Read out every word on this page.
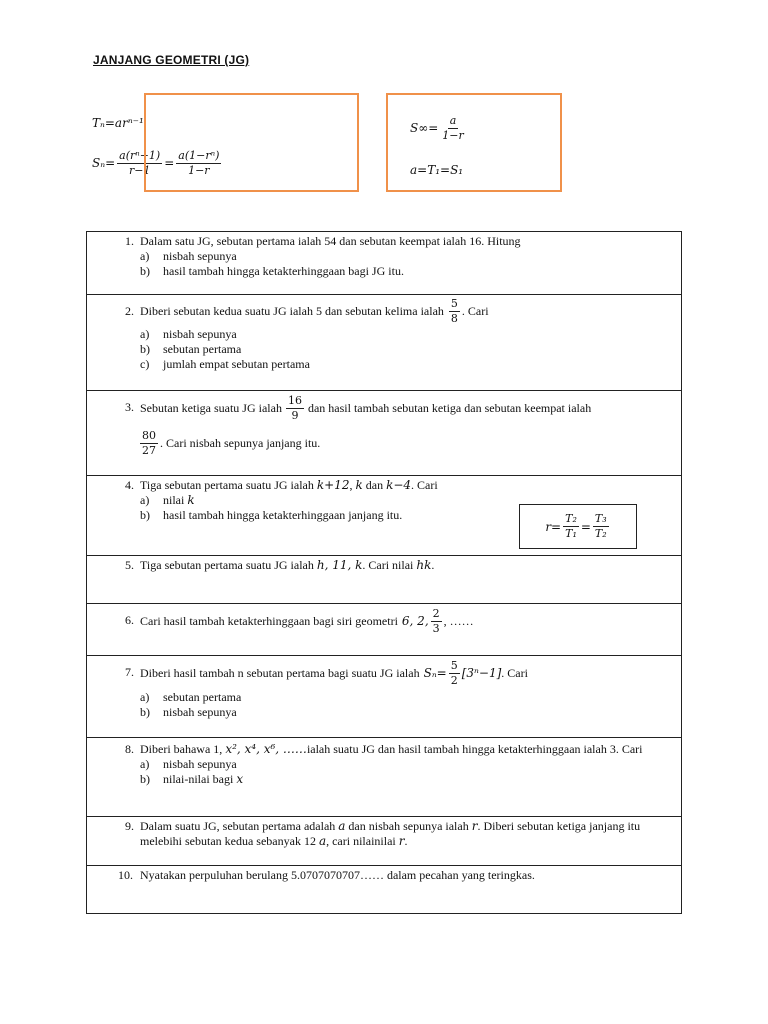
JANJANG GEOMETRI (JG)
Tₙ=arⁿ⁻¹
$S_n= \frac{\text{a(rⁿ−1)}}{r-1} = \frac{\text{a(1−rⁿ)}}{1-r}$
$S\infty= \frac{a}{1-r}$
a=T₁=S₁
1. Dalam satu JG, sebutan pertama ialah 54 dan sebutan keempat ialah 16. Hitung
a) nisbah sepunya
b) hasil tambah hingga ketakterhinggaan bagi JG itu.

2. Diberi sebutan kedua suatu JG ialah 5 dan sebutan kelima ialah $\frac{5}{8}$ . Cari
a) nisbah sepunya
b) sebutan pertama
c) jumlah empat sebutan pertama

3. Sebutan ketiga suatu JG ialah $\frac{16}{9}$ dan hasil tambah sebutan ketiga dan sebutan keempat ialah
$\frac{80}{27}$ . Cari nisbah sepunya janjang itu.

4. Tiga sebutan pertama suatu JG ialah k+12, k dan k−4. Cari
a) nilai k
b) hasil tambah hingga ketakterhinggaan janjang itu.
$r= \frac{\text{T₂}}{\text{T₁}} = \frac{\text{T₃}}{\text{T₂}}$

5. Tiga sebutan pertama suatu JG ialah h, 11, k. Cari nilai hk.

6. Cari hasil tambah ketakterhinggaan bagi siri geometri 6, 2, $\frac{2}{3}$ , ……

7. Diberi hasil tambah n sebutan pertama bagi suatu JG ialah $S_n= \frac{5}{2} [3^n-1]$ . Cari
a) sebutan pertama
b) nisbah sepunya

8. Diberi bahawa 1, x², x⁴, x⁶, ……ialah suatu JG dan hasil tambah hingga ketakterhinggaan ialah 3. Cari
a) nisbah sepunya
b) nilai-nilai bagi x

9. Dalam suatu JG, sebutan pertama adalah a dan nisbah sepunya ialah r. Diberi sebutan ketiga janjang itu melebihi sebutan kedua sebanyak 12 a, cari nilainilai r.

10. Nyatakan perpuluhan berulang 5.0707070707…… dalam pecahan yang teringkas.
